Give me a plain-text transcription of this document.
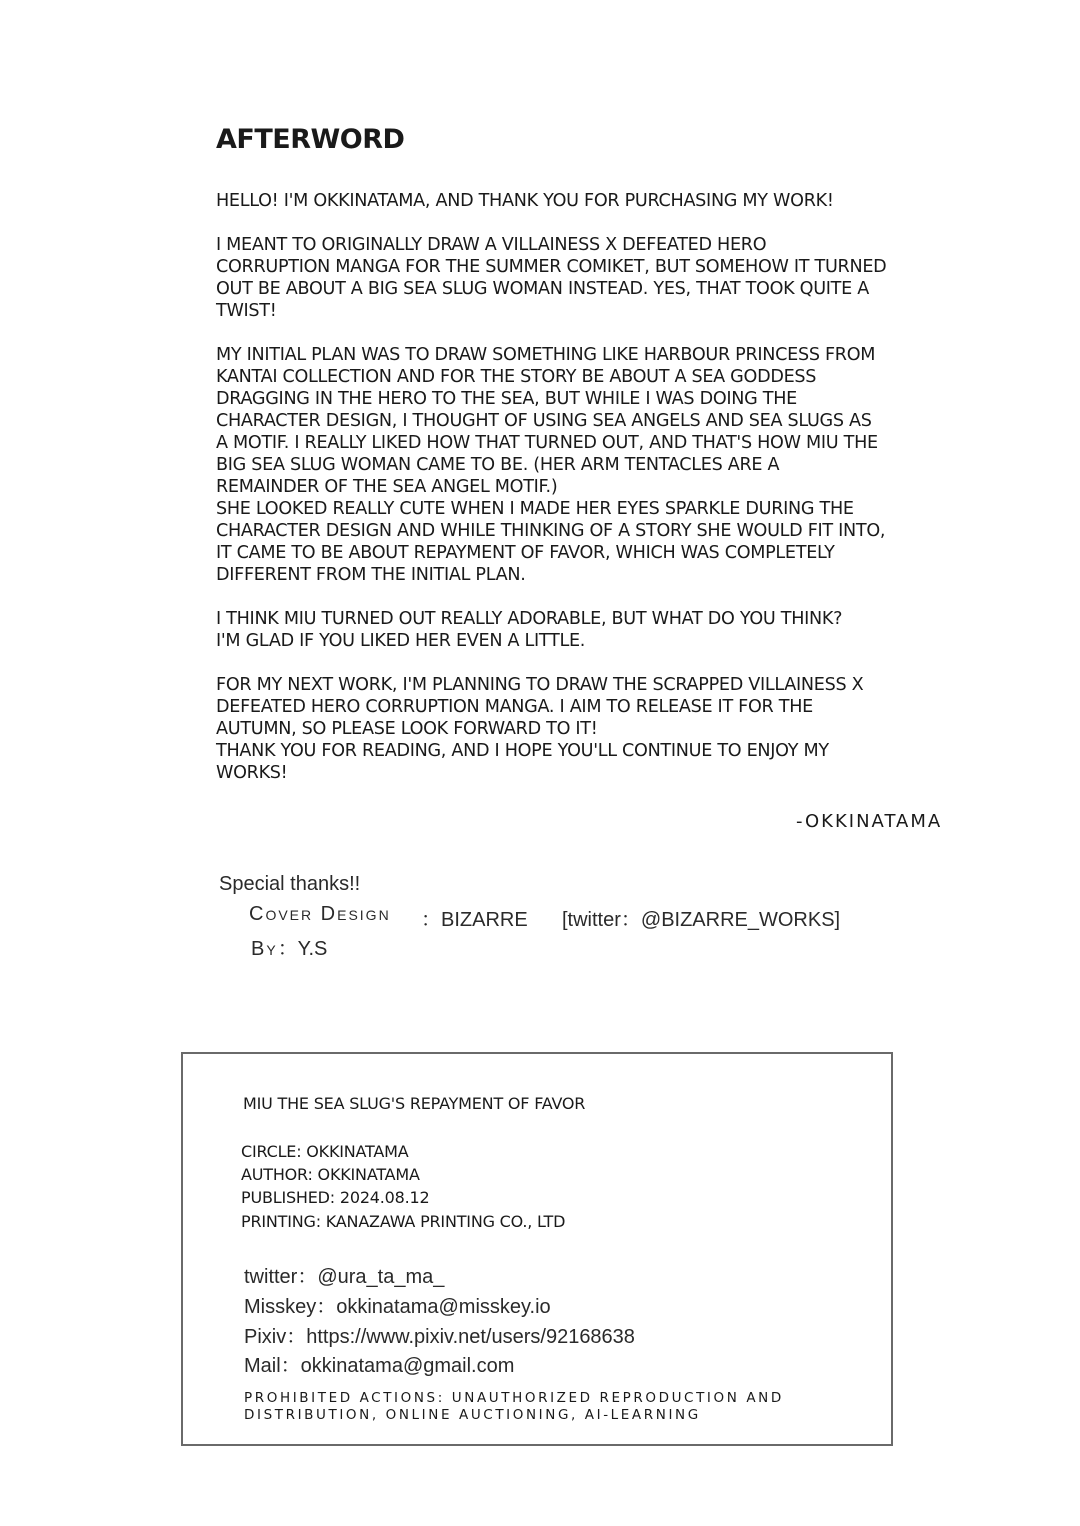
AFTERWORD

HELLO! I'M OKKINATAMA, AND THANK YOU FOR PURCHASING MY WORK!

I MEANT TO ORIGINALLY DRAW A VILLAINESS X DEFEATED HERO
CORRUPTION MANGA FOR THE SUMMER COMIKET, BUT SOMEHOW IT TURNED
OUT BE ABOUT A BIG SEA SLUG WOMAN INSTEAD. YES, THAT TOOK QUITE A
TWIST!

MY INITIAL PLAN WAS TO DRAW SOMETHING LIKE HARBOUR PRINCESS FROM
KANTAI COLLECTION AND FOR THE STORY BE ABOUT A SEA GODDESS
DRAGGING IN THE HERO TO THE SEA, BUT WHILE I WAS DOING THE
CHARACTER DESIGN, I THOUGHT OF USING SEA ANGELS AND SEA SLUGS AS
A MOTIF. I REALLY LIKED HOW THAT TURNED OUT, AND THAT'S HOW MIU THE
BIG SEA SLUG WOMAN CAME TO BE. (HER ARM TENTACLES ARE A
REMAINDER OF THE SEA ANGEL MOTIF.)
SHE LOOKED REALLY CUTE WHEN I MADE HER EYES SPARKLE DURING THE
CHARACTER DESIGN AND WHILE THINKING OF A STORY SHE WOULD FIT INTO,
IT CAME TO BE ABOUT REPAYMENT OF FAVOR, WHICH WAS COMPLETELY
DIFFERENT FROM THE INITIAL PLAN.

I THINK MIU TURNED OUT REALLY ADORABLE, BUT WHAT DO YOU THINK?
I'M GLAD IF YOU LIKED HER EVEN A LITTLE.

FOR MY NEXT WORK, I'M PLANNING TO DRAW THE SCRAPPED VILLAINESS X
DEFEATED HERO CORRUPTION MANGA. I AIM TO RELEASE IT FOR THE
AUTUMN, SO PLEASE LOOK FORWARD TO IT!
THANK YOU FOR READING, AND I HOPE YOU'LL CONTINUE TO ENJOY MY
WORKS!

-OKKINATAMA
Special thanks!!
Cover Design ：BIZARRE [twitter：@BIZARRE_WORKS]
By：Y.S
MIU THE SEA SLUG'S REPAYMENT OF FAVOR
CIRCLE: OKKINATAMA
AUTHOR: OKKINATAMA
PUBLISHED: 2024.08.12
PRINTING: KANAZAWA PRINTING CO., LTD
twitter：@ura_ta_ma_
Misskey：okkinatama@misskey.io
Pixiv：https://www.pixiv.net/users/92168638
Mail：okkinatama@gmail.com
PROHIBITED ACTIONS: UNAUTHORIZED REPRODUCTION AND DISTRIBUTION, ONLINE AUCTIONING, AI-LEARNING
